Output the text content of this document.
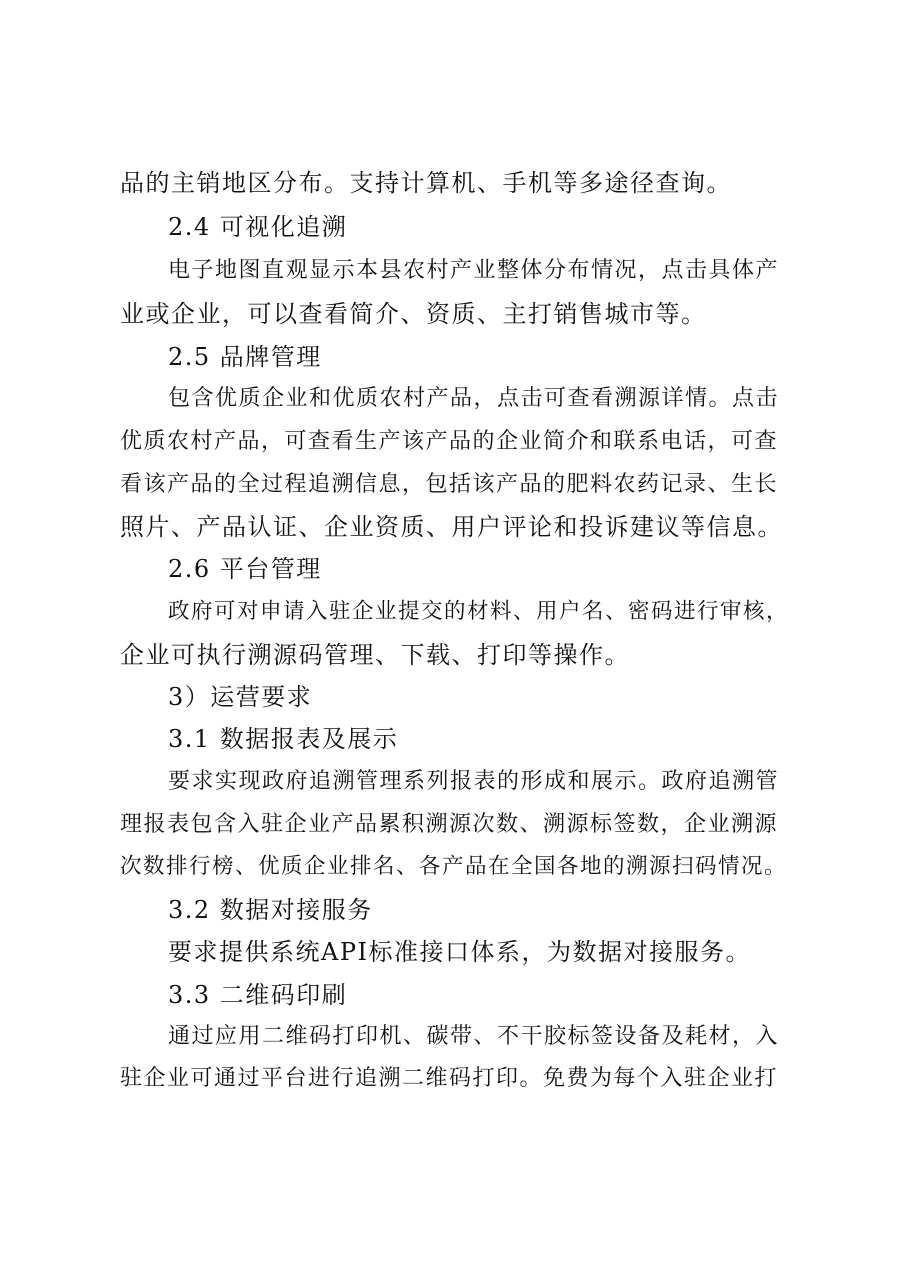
品的主销地区分布。支持计算机、手机等多途径查询。
2.4 可视化追溯
电子地图直观显示本县农村产业整体分布情况，点击具体产
业或企业，可以查看简介、资质、主打销售城市等。
2.5 品牌管理
包含优质企业和优质农村产品，点击可查看溯源详情。点击
优质农村产品，可查看生产该产品的企业简介和联系电话，可查
看该产品的全过程追溯信息，包括该产品的肥料农药记录、生长
照片、产品认证、企业资质、用户评论和投诉建议等信息。
2.6 平台管理
政府可对申请入驻企业提交的材料、用户名、密码进行审核，
企业可执行溯源码管理、下载、打印等操作。
3）运营要求
3.1 数据报表及展示
要求实现政府追溯管理系列报表的形成和展示。政府追溯管
理报表包含入驻企业产品累积溯源次数、溯源标签数，企业溯源
次数排行榜、优质企业排名、各产品在全国各地的溯源扫码情况。
3.2 数据对接服务
要求提供系统API标准接口体系，为数据对接服务。
3.3 二维码印刷
通过应用二维码打印机、碳带、不干胶标签设备及耗材，入
驻企业可通过平台进行追溯二维码打印。免费为每个入驻企业打
